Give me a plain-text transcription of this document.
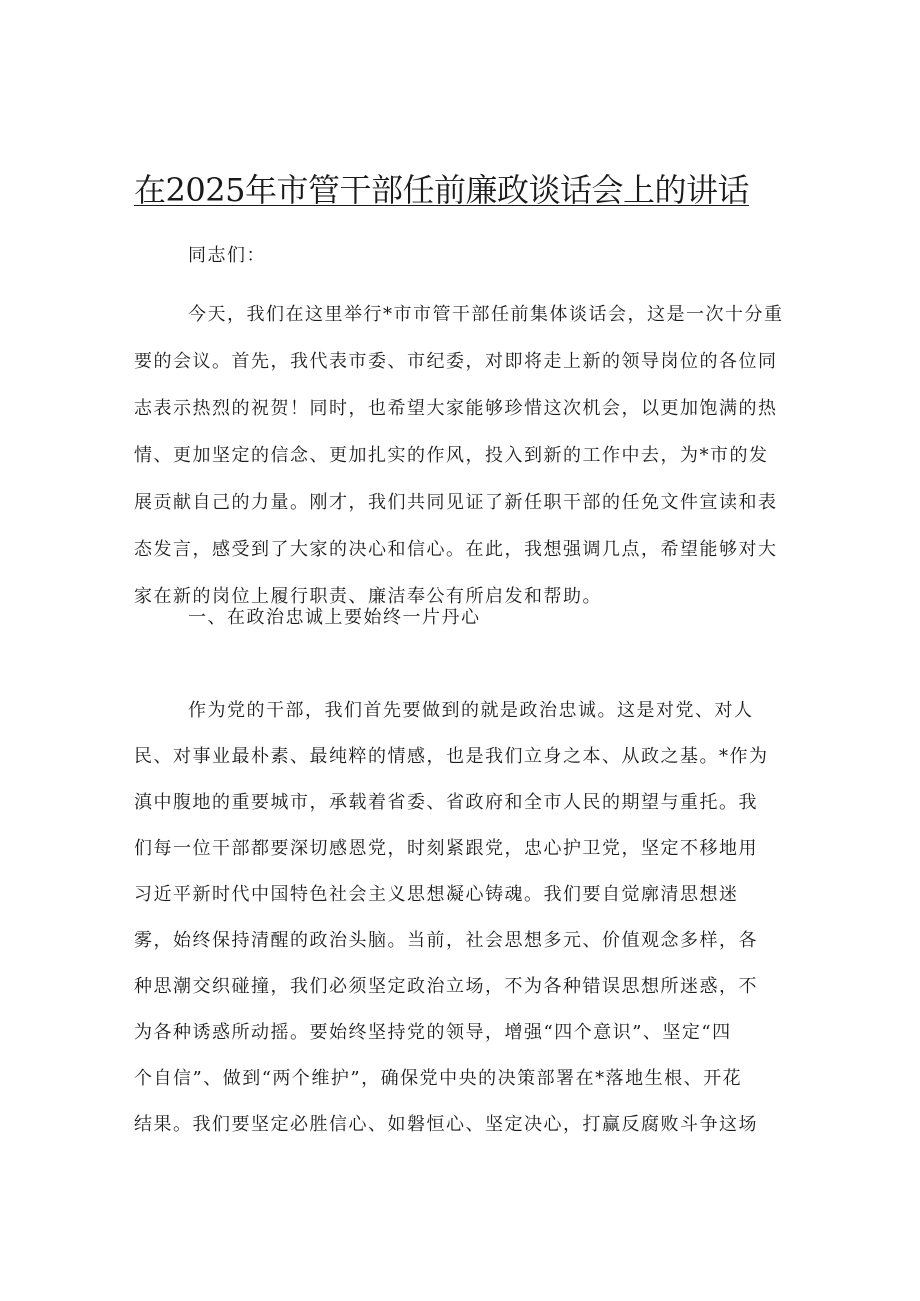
在2025年市管干部任前廉政谈话会上的讲话

同志们：

今天，我们在这里举行*市市管干部任前集体谈话会，这是一次十分重
要的会议。首先，我代表市委、市纪委，对即将走上新的领导岗位的各位同
志表示热烈的祝贺！同时，也希望大家能够珍惜这次机会，以更加饱满的热
情、更加坚定的信念、更加扎实的作风，投入到新的工作中去，为*市的发
展贡献自己的力量。刚才，我们共同见证了新任职干部的任免文件宣读和表
态发言，感受到了大家的决心和信心。在此，我想强调几点，希望能够对大
家在新的岗位上履行职责、廉洁奉公有所启发和帮助。

一、在政治忠诚上要始终一片丹心

作为党的干部，我们首先要做到的就是政治忠诚。这是对党、对人
民、对事业最朴素、最纯粹的情感，也是我们立身之本、从政之基。*作为
滇中腹地的重要城市，承载着省委、省政府和全市人民的期望与重托。我
们每一位干部都要深切感恩党，时刻紧跟党，忠心护卫党，坚定不移地用
习近平新时代中国特色社会主义思想凝心铸魂。我们要自觉廓清思想迷
雾，始终保持清醒的政治头脑。当前，社会思想多元、价值观念多样，各
种思潮交织碰撞，我们必须坚定政治立场，不为各种错误思想所迷惑，不
为各种诱惑所动摇。要始终坚持党的领导，增强“四个意识”、坚定“四
个自信”、做到“两个维护”，确保党中央的决策部署在*落地生根、开花
结果。我们要坚定必胜信心、如磐恒心、坚定决心，打赢反腐败斗争这场
